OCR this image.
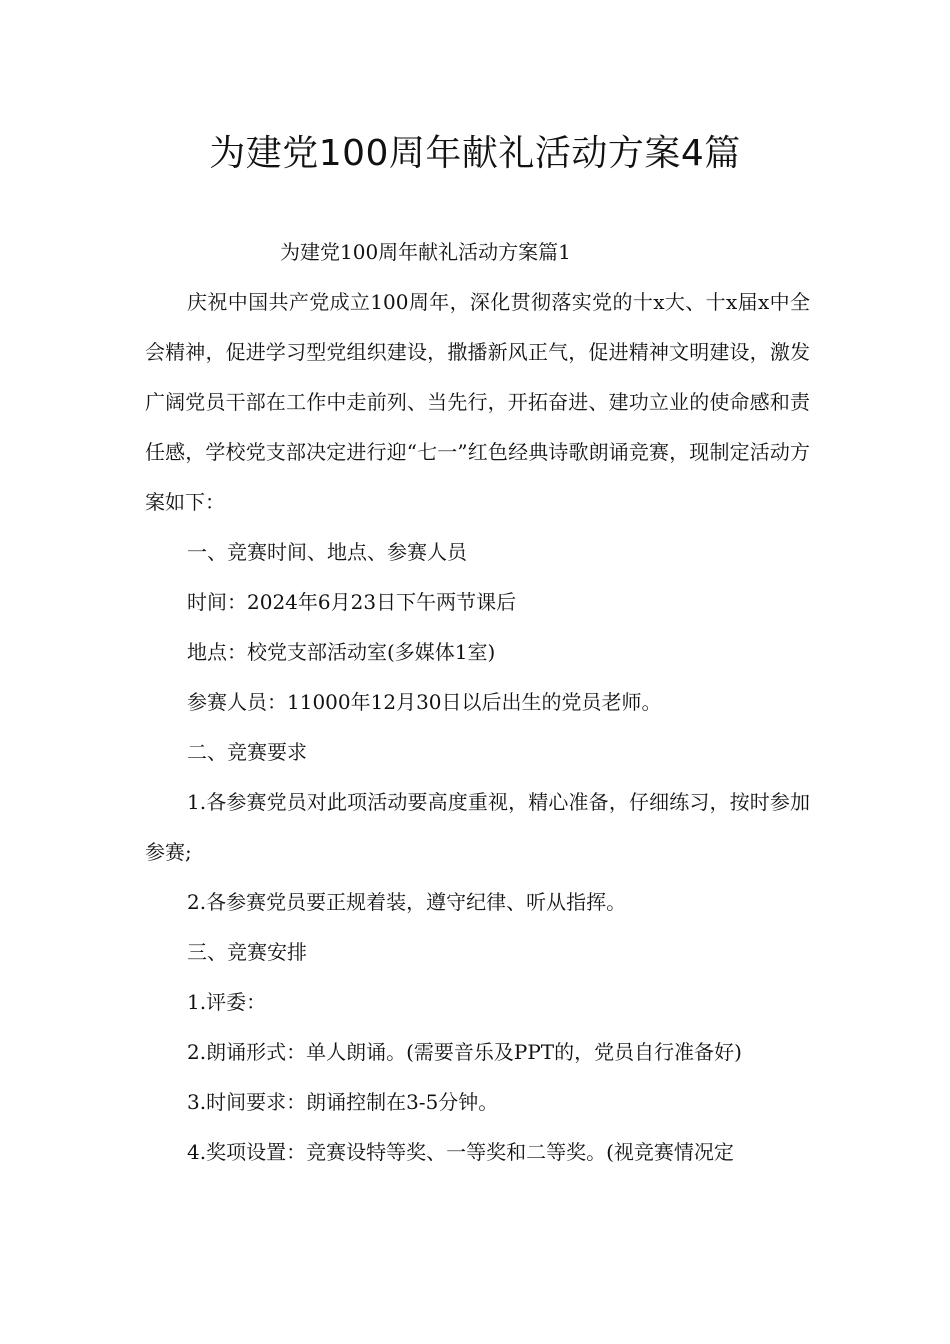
为建党100周年献礼活动方案4篇

为建党100周年献礼活动方案篇1

庆祝中国共产党成立100周年，深化贯彻落实党的十x大、十x届x中全会精神，促进学习型党组织建设，撒播新风正气，促进精神文明建设，激发广阔党员干部在工作中走前列、当先行，开拓奋进、建功立业的使命感和责任感，学校党支部决定进行迎“七一”红色经典诗歌朗诵竞赛，现制定活动方案如下：

一、竞赛时间、地点、参赛人员

时间：2024年6月23日下午两节课后

地点：校党支部活动室(多媒体1室)

参赛人员：11000年12月30日以后出生的党员老师。

二、竞赛要求

1.各参赛党员对此项活动要高度重视，精心准备，仔细练习，按时参加参赛;

2.各参赛党员要正规着装，遵守纪律、听从指挥。

三、竞赛安排

1.评委：

2.朗诵形式：单人朗诵。(需要音乐及PPT的，党员自行准备好)

3.时间要求：朗诵控制在3-5分钟。

4.奖项设置：竞赛设特等奖、一等奖和二等奖。(视竞赛情况定
